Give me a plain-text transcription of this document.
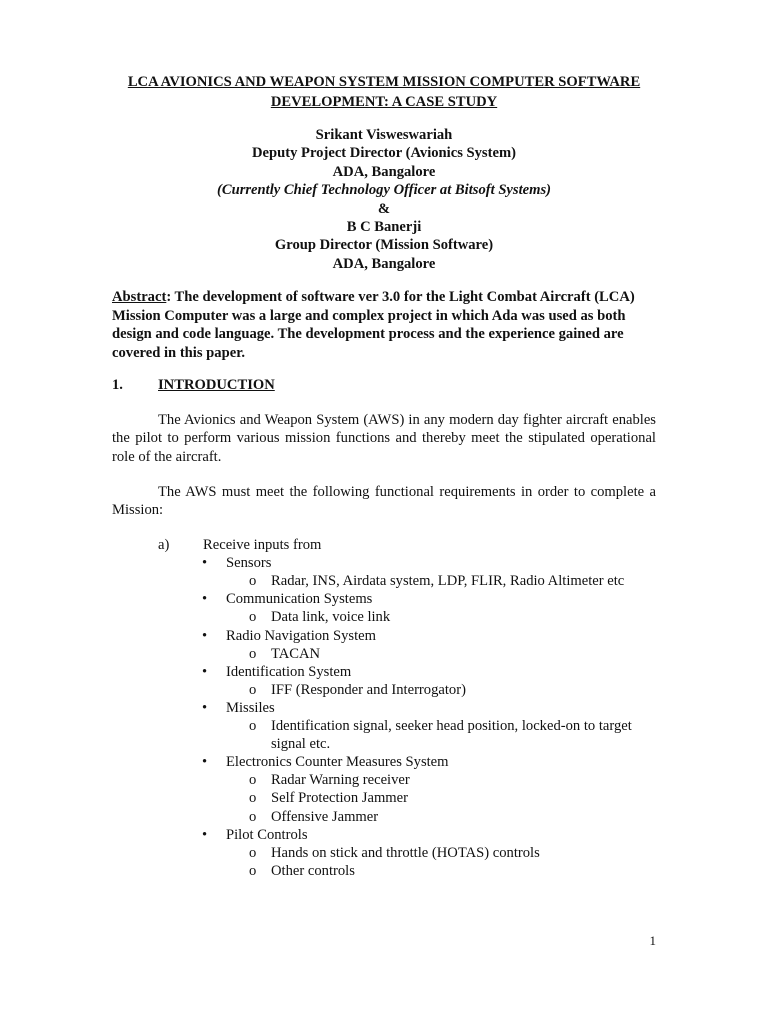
LCA AVIONICS AND WEAPON SYSTEM MISSION COMPUTER SOFTWARE
DEVELOPMENT: A CASE STUDY
Srikant Visweswariah
Deputy Project Director (Avionics System)
ADA, Bangalore
(Currently Chief Technology Officer at Bitsoft Systems)
&
B C Banerji
Group Director (Mission Software)
ADA, Bangalore
Abstract: The development of software ver 3.0 for the Light Combat Aircraft (LCA) Mission Computer was a large and complex project in which Ada was used as both design and code language. The development process and the experience gained are covered in this paper.
1. INTRODUCTION
The Avionics and Weapon System (AWS) in any modern day fighter aircraft enables the pilot to perform various mission functions and thereby meet the stipulated operational role of the aircraft.
The AWS must meet the following functional requirements in order to complete a Mission:
a) Receive inputs from
• Sensors
o Radar, INS, Airdata system, LDP, FLIR, Radio Altimeter etc
• Communication Systems
o Data link, voice link
• Radio Navigation System
o TACAN
• Identification System
o IFF (Responder and Interrogator)
• Missiles
o Identification signal, seeker head position, locked-on to target
signal etc.
• Electronics Counter Measures System
o Radar Warning receiver
o Self Protection Jammer
o Offensive Jammer
• Pilot Controls
o Hands on stick and throttle (HOTAS) controls
o Other controls
1
